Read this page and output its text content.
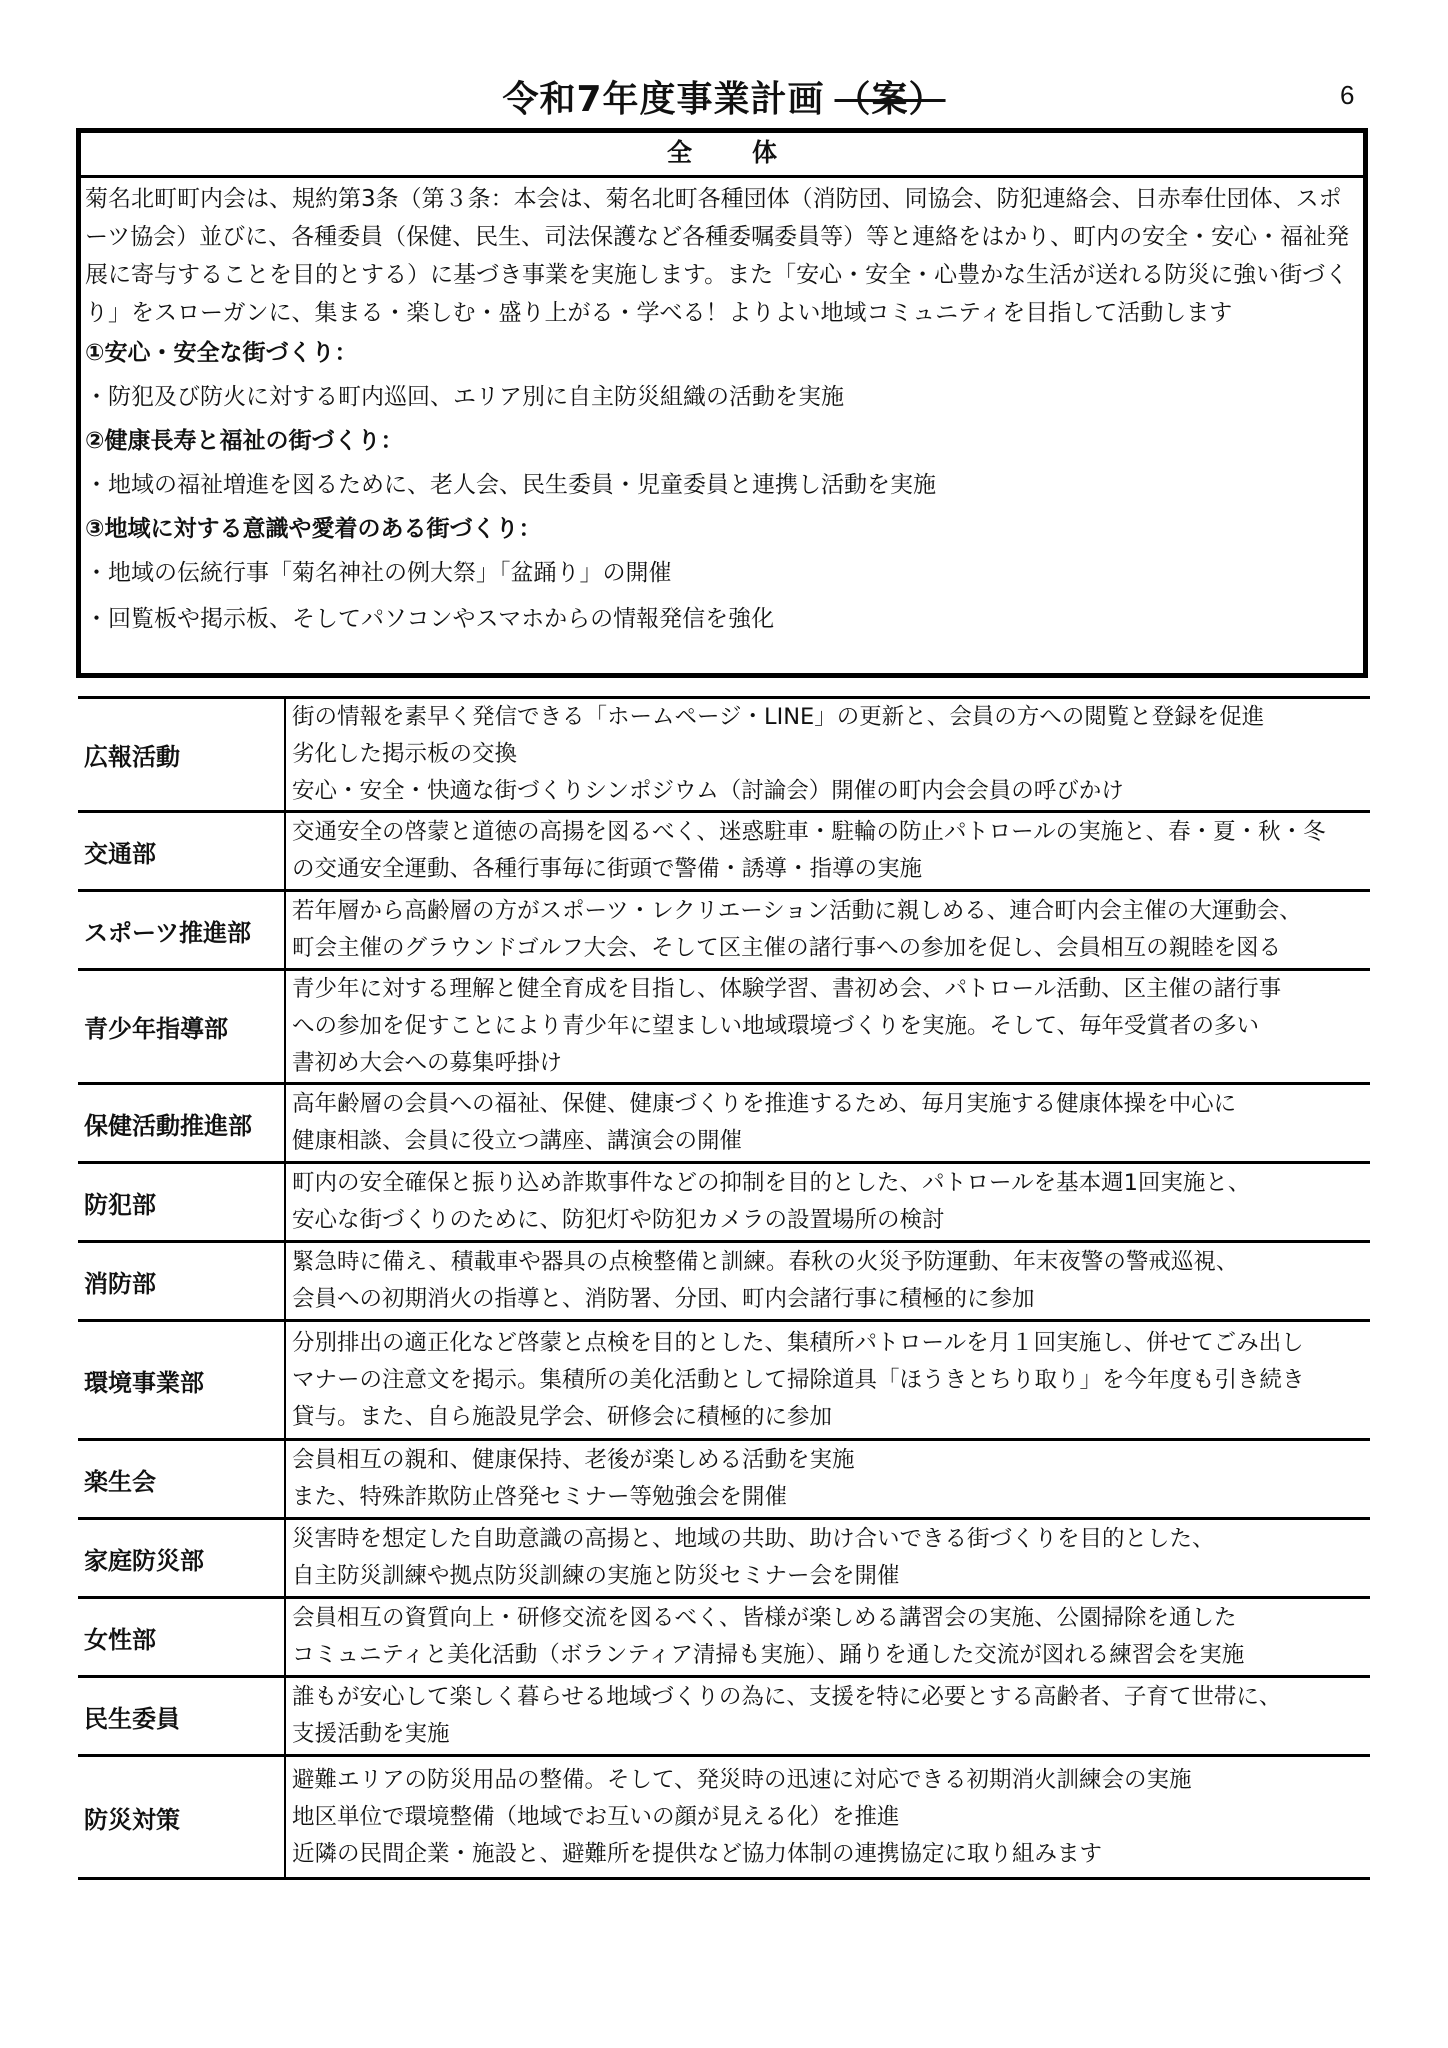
令和7年度事業計画 （案）	6
全体

菊名北町町内会は、規約第3条（第３条：本会は、菊名北町各種団体（消防団、同協会、防犯連絡会、日赤奉仕団体、スポーツ協会）並びに、各種委員（保健、民生、司法保護など各種委嘱委員等）等と連絡をはかり、町内の安全・安心・福祉発展に寄与することを目的とする）に基づき事業を実施します。また「安心・安全・心豊かな生活が送れる防災に強い街づくり」をスローガンに、集まる・楽しむ・盛り上がる・学べる！よりよい地域コミュニティを目指して活動します

①安心・安全な街づくり：

・防犯及び防火に対する町内巡回、エリア別に自主防災組織の活動を実施

②健康長寿と福祉の街づくり：

・地域の福祉増進を図るために、老人会、民生委員・児童委員と連携し活動を実施

③地域に対する意識や愛着のある街づくり：

・地域の伝統行事「菊名神社の例大祭」「盆踊り」の開催

・回覧板や掲示板、そしてパソコンやスマホからの情報発信を強化

広報活動	街の情報を素早く発信できる「ホームページ・LINE」の更新と、会員の方への閲覧と登録を促進
劣化した掲示板の交換
安心・安全・快適な街づくりシンポジウム（討論会）開催の町内会会員の呼びかけ

交通部	交通安全の啓蒙と道徳の高揚を図るべく、迷惑駐車・駐輪の防止パトロールの実施と、春・夏・秋・冬
の交通安全運動、各種行事毎に街頭で警備・誘導・指導の実施

スポーツ推進部	若年層から高齢層の方がスポーツ・レクリエーション活動に親しめる、連合町内会主催の大運動会、
町会主催のグラウンドゴルフ大会、そして区主催の諸行事への参加を促し、会員相互の親睦を図る

青少年指導部	青少年に対する理解と健全育成を目指し、体験学習、書初め会、パトロール活動、区主催の諸行事
への参加を促すことにより青少年に望ましい地域環境づくりを実施。そして、毎年受賞者の多い
書初め大会への募集呼掛け

保健活動推進部	高年齢層の会員への福祉、保健、健康づくりを推進するため、毎月実施する健康体操を中心に
健康相談、会員に役立つ講座、講演会の開催

防犯部	町内の安全確保と振り込め詐欺事件などの抑制を目的とした、パトロールを基本週1回実施と、
安心な街づくりのために、防犯灯や防犯カメラの設置場所の検討

消防部	緊急時に備え、積載車や器具の点検整備と訓練。春秋の火災予防運動、年末夜警の警戒巡視、
会員への初期消火の指導と、消防署、分団、町内会諸行事に積極的に参加

環境事業部	分別排出の適正化など啓蒙と点検を目的とした、集積所パトロールを月１回実施し、併せてごみ出し
マナーの注意文を掲示。集積所の美化活動として掃除道具「ほうきとちり取り」を今年度も引き続き
貸与。また、自ら施設見学会、研修会に積極的に参加

楽生会	会員相互の親和、健康保持、老後が楽しめる活動を実施
また、特殊詐欺防止啓発セミナー等勉強会を開催

家庭防災部	災害時を想定した自助意識の高揚と、地域の共助、助け合いできる街づくりを目的とした、
自主防災訓練や拠点防災訓練の実施と防災セミナー会を開催

女性部	会員相互の資質向上・研修交流を図るべく、皆様が楽しめる講習会の実施、公園掃除を通した
コミュニティと美化活動（ボランティア清掃も実施）、踊りを通した交流が図れる練習会を実施

民生委員	誰もが安心して楽しく暮らせる地域づくりの為に、支援を特に必要とする高齢者、子育て世帯に、
支援活動を実施

防災対策	避難エリアの防災用品の整備。そして、発災時の迅速に対応できる初期消火訓練会の実施
地区単位で環境整備（地域でお互いの顔が見える化）を推進
近隣の民間企業・施設と、避難所を提供など協力体制の連携協定に取り組みます
